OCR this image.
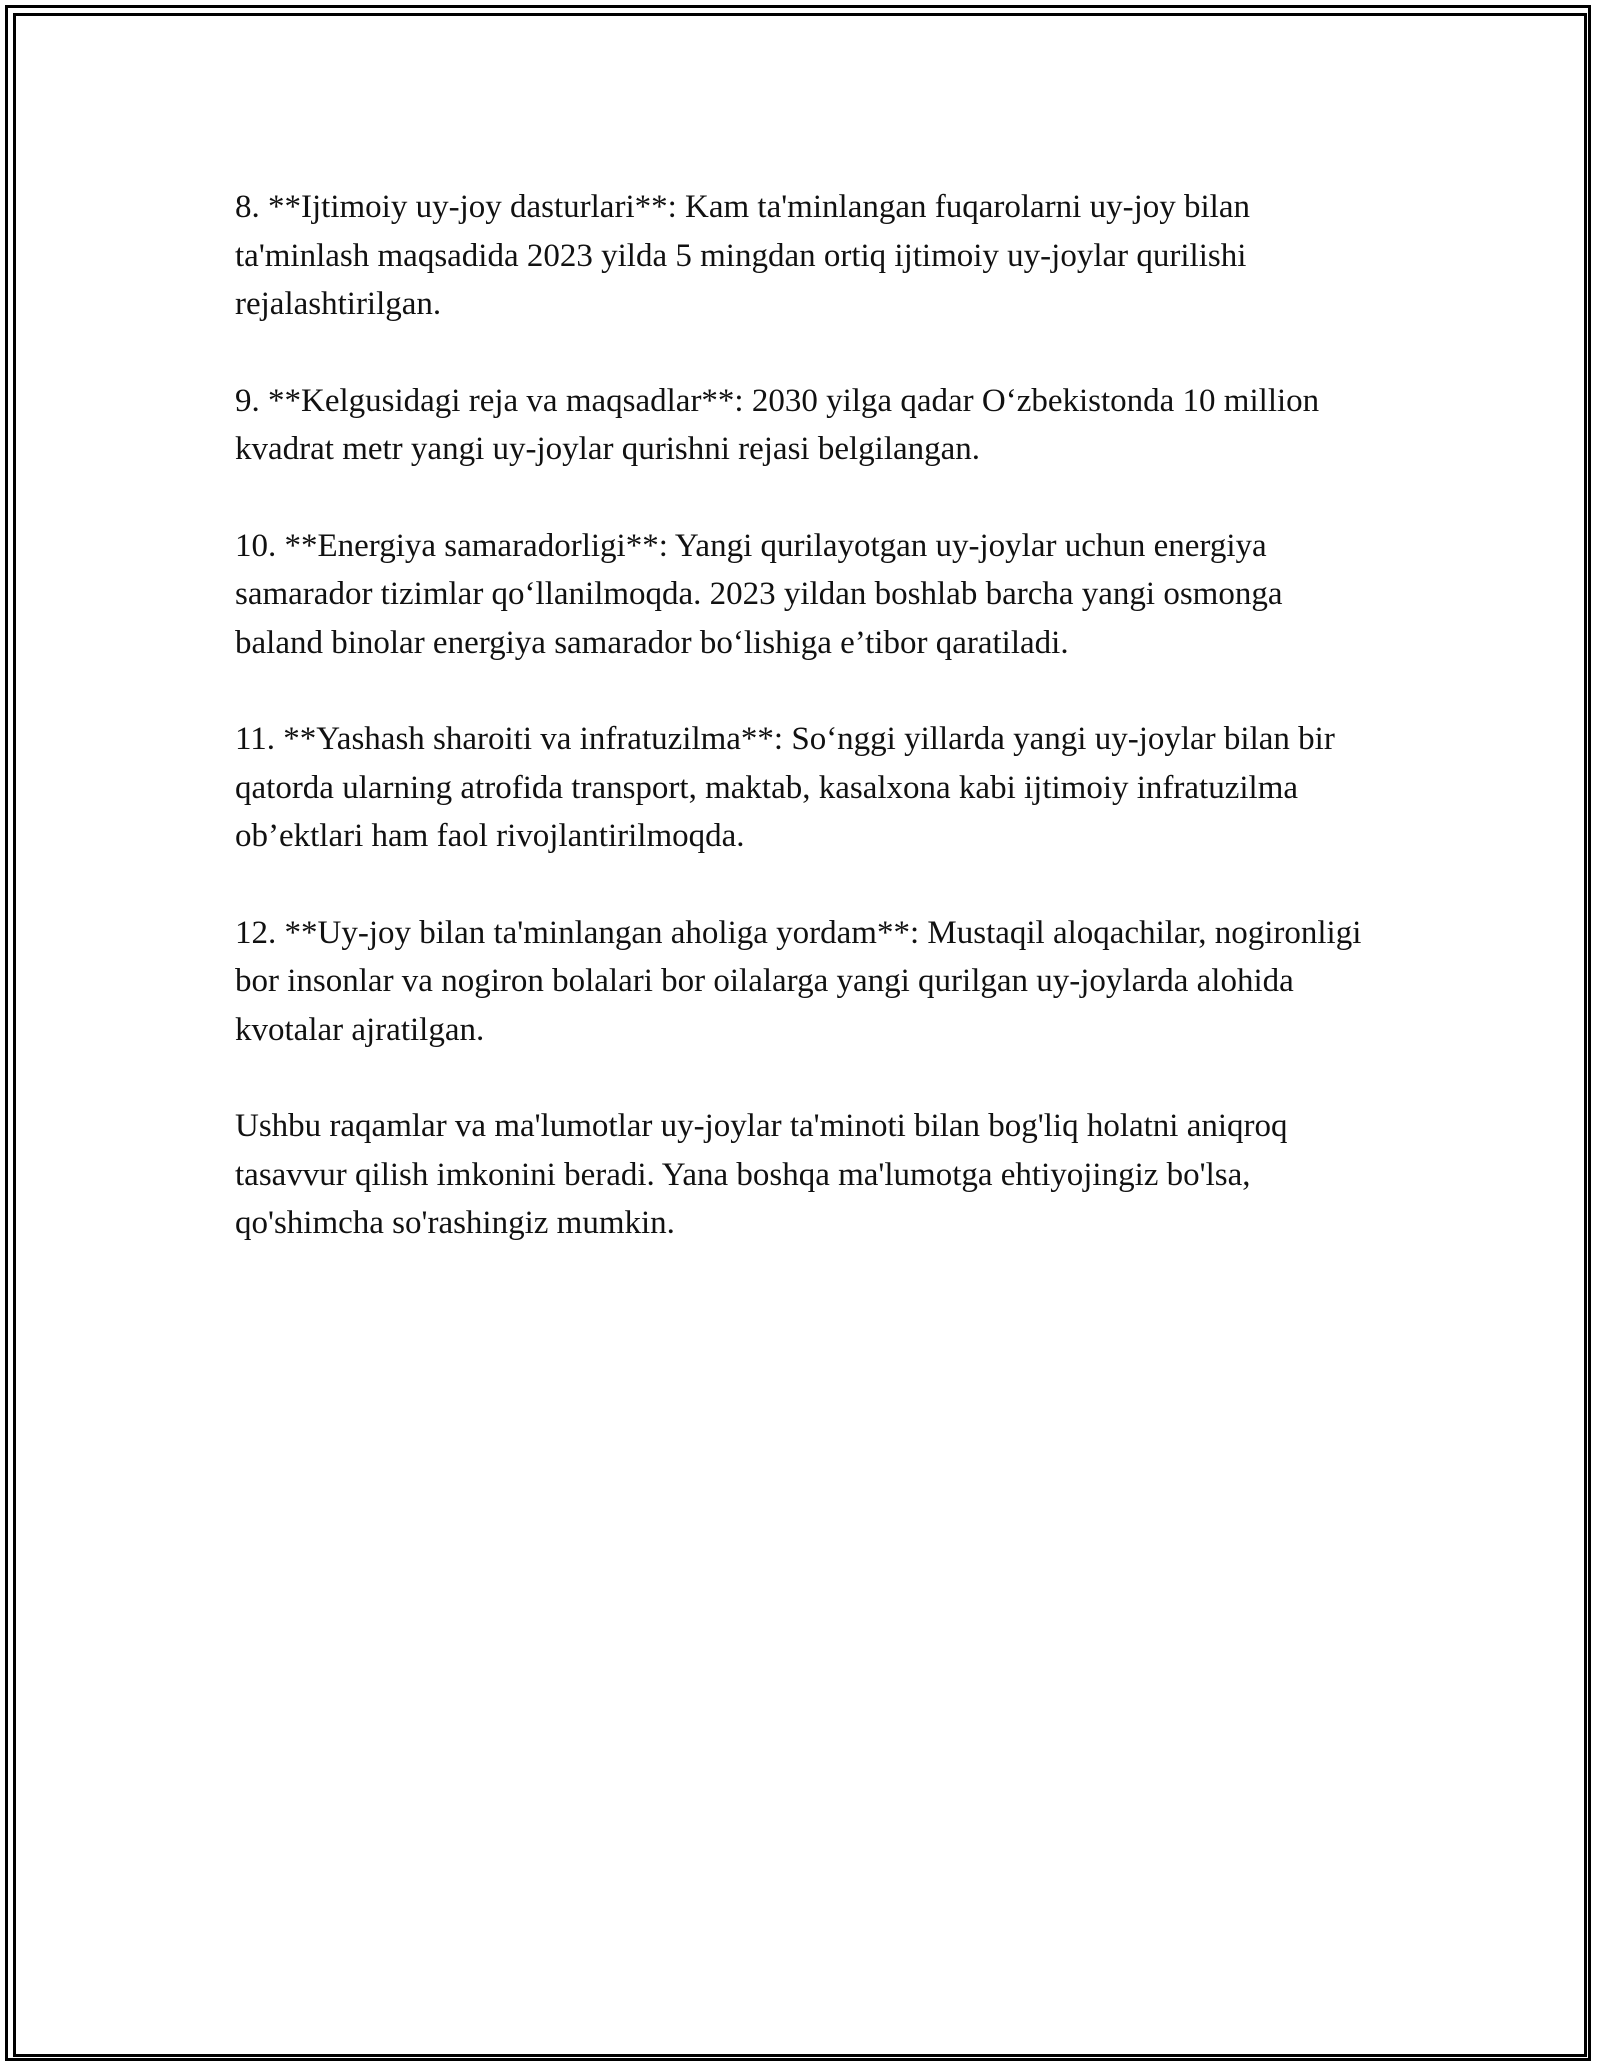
8. **Ijtimoiy uy-joy dasturlari**: Kam ta'minlangan fuqarolarni uy-joy bilan ta'minlash maqsadida 2023 yilda 5 mingdan ortiq ijtimoiy uy-joylar qurilishi rejalashtirilgan.

9. **Kelgusidagi reja va maqsadlar**: 2030 yilga qadar O‘zbekistonda 10 million kvadrat metr yangi uy-joylar qurishni rejasi belgilangan.

10. **Energiya samaradorligi**: Yangi qurilayotgan uy-joylar uchun energiya samarador tizimlar qo‘llanilmoqda. 2023 yildan boshlab barcha yangi osmonga baland binolar energiya samarador bo‘lishiga e’tibor qaratiladi.

11. **Yashash sharoiti va infratuzilma**: So‘nggi yillarda yangi uy-joylar bilan bir qatorda ularning atrofida transport, maktab, kasalxona kabi ijtimoiy infratuzilma ob’ektlari ham faol rivojlantirilmoqda.

12. **Uy-joy bilan ta'minlangan aholiga yordam**: Mustaqil aloqachilar, nogironligi bor insonlar va nogiron bolalari bor oilalarga yangi qurilgan uy-joylarda alohida kvotalar ajratilgan.

Ushbu raqamlar va ma'lumotlar uy-joylar ta'minoti bilan bog'liq holatni aniqroq tasavvur qilish imkonini beradi. Yana boshqa ma'lumotga ehtiyojingiz bo'lsa, qo'shimcha so'rashingiz mumkin.
